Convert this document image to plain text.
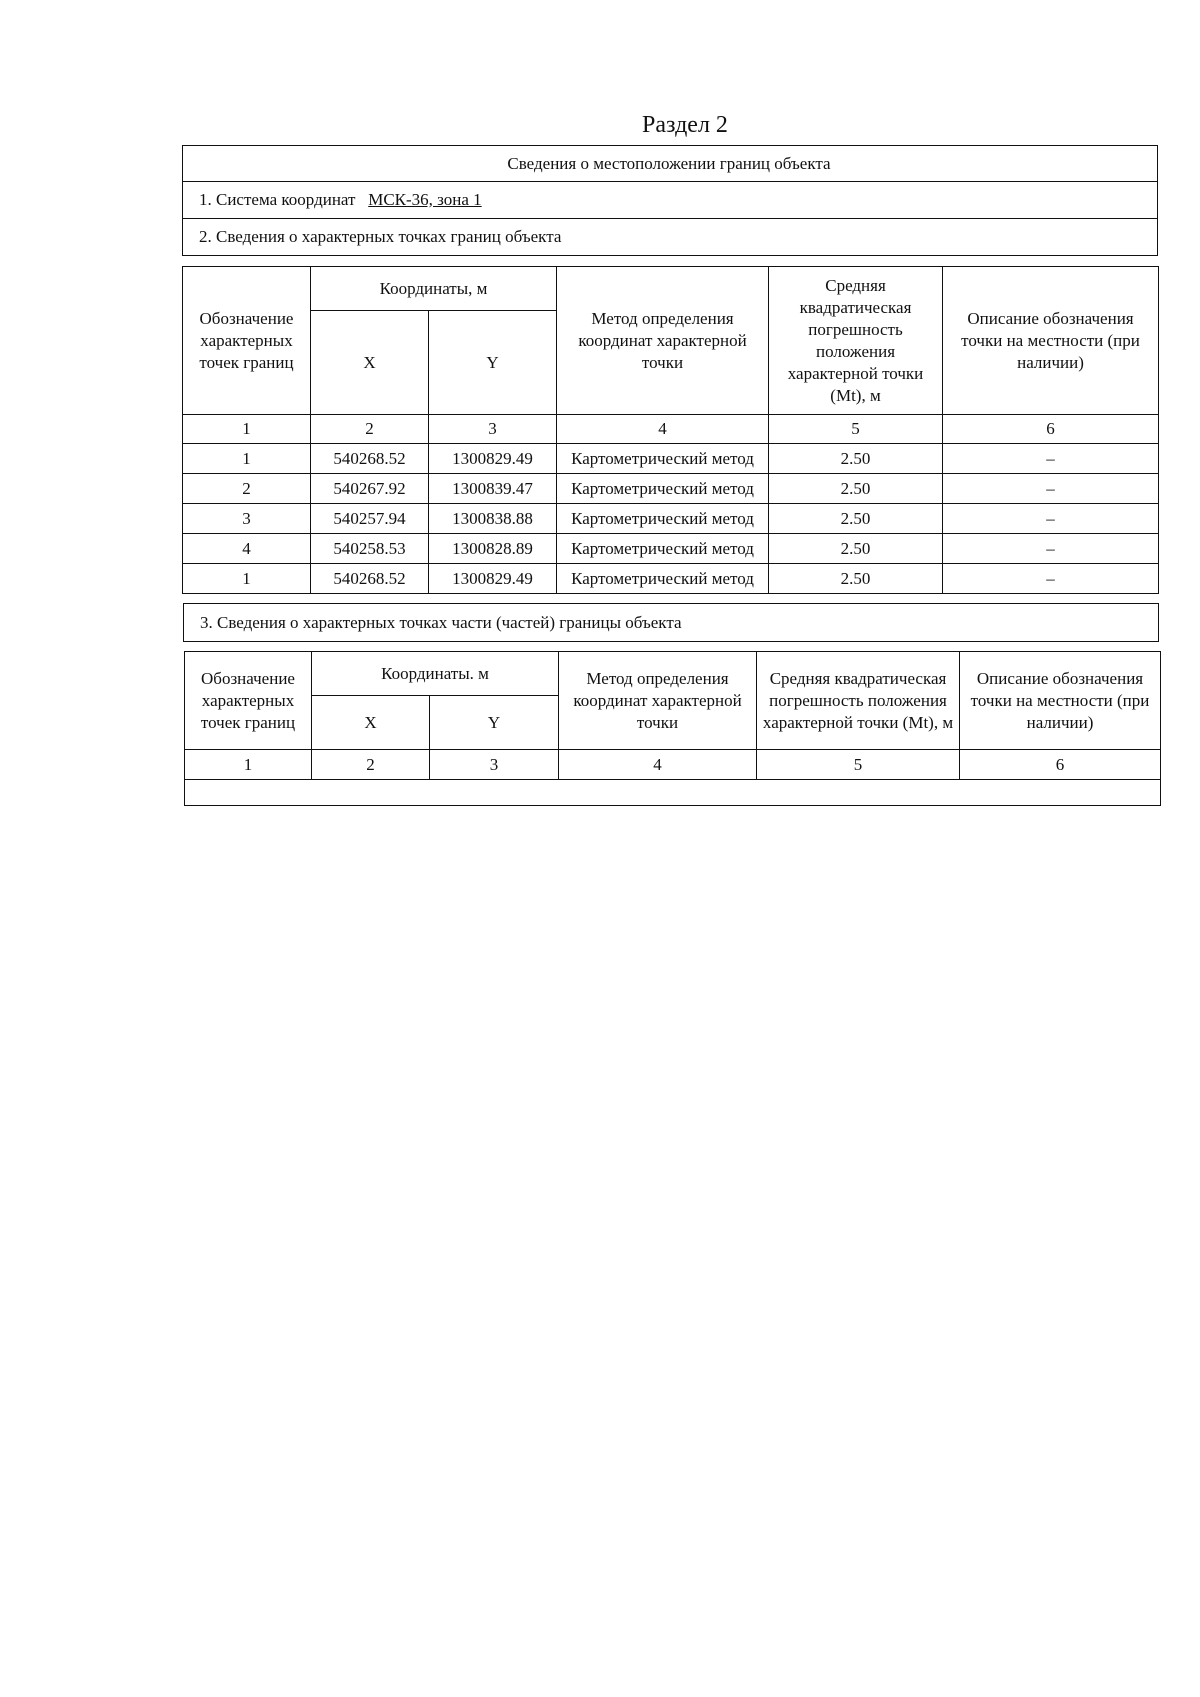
Раздел 2
Сведения о местоположении границ объекта
1. Система координат МСК-36, зона 1
2. Сведения о характерных точках границ объекта
Обозначение характерных точек границ	Координаты, м		Метод определения координат характерной точки	Средняя квадратическая погрешность положения характерной точки (Mt), м	Описание обозначения точки на местности (при наличии)
	X	Y			
1	2	3	4	5	6
1	540268.52	1300829.49	Картометрический метод	2.50	–
2	540267.92	1300839.47	Картометрический метод	2.50	–
3	540257.94	1300838.88	Картометрический метод	2.50	–
4	540258.53	1300828.89	Картометрический метод	2.50	–
1	540268.52	1300829.49	Картометрический метод	2.50	–
3. Сведения о характерных точках части (частей) границы объекта
Обозначение характерных точек границ	Координаты. м		Метод определения координат характерной точки	Средняя квадратическая погрешность положения характерной точки (Mt), м	Описание обозначения точки на местности (при наличии)
	X	Y			
1	2	3	4	5	6
